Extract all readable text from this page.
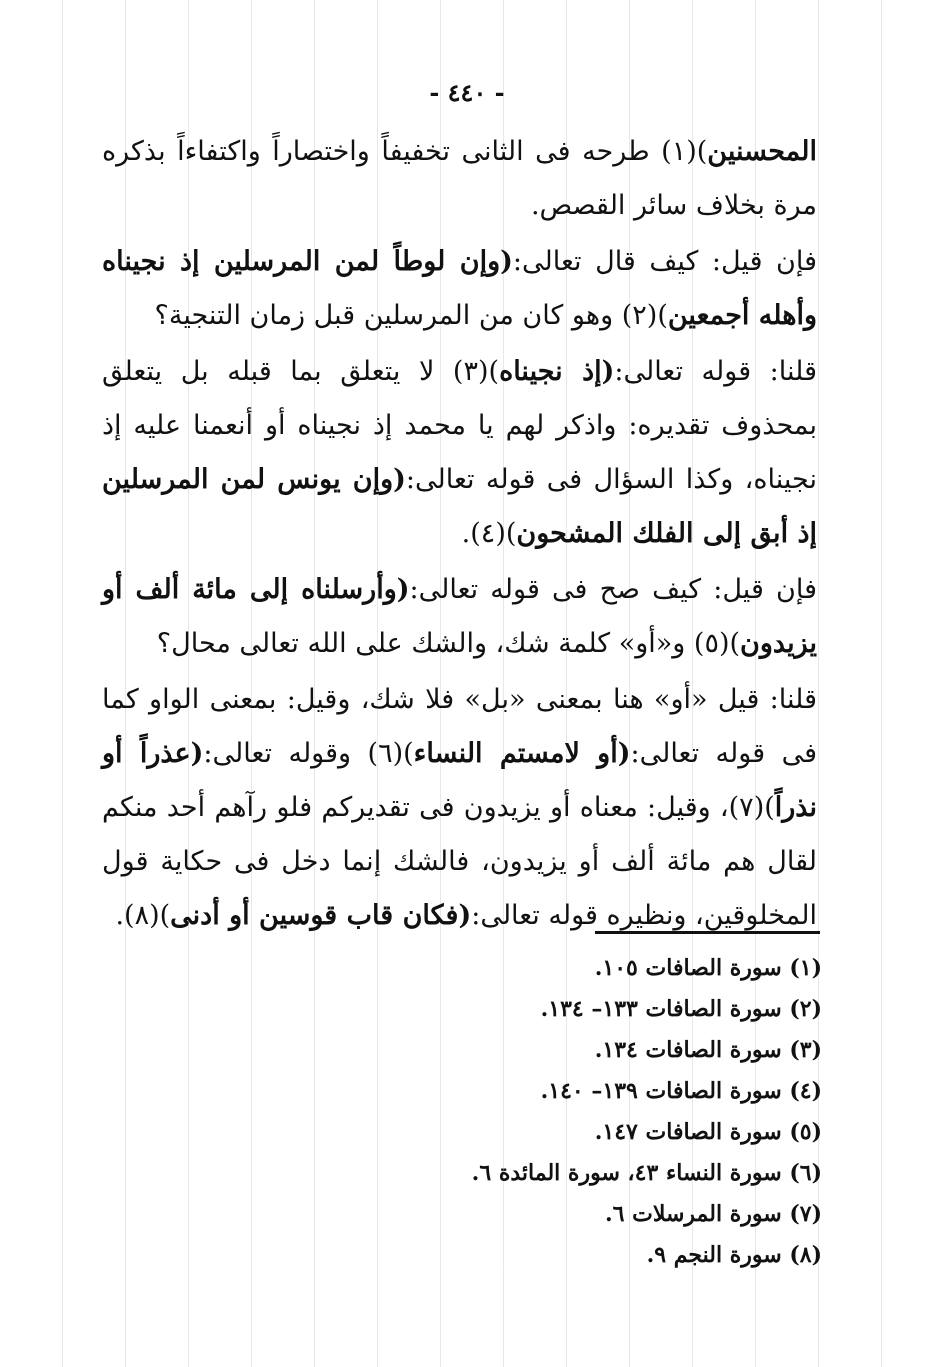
- ٤٤٠ -

المحسنين)(١) طرحه فى الثانى تخفيفاً واختصاراً واكتفاءاً بذكره مرة بخلاف سائر القصص.

فإن قيل: كيف قال تعالى:(وإن لوطاً لمن المرسلين إذ نجيناه وأهله أجمعين)(٢) وهو كان من المرسلين قبل زمان التنجية؟

قلنا: قوله تعالى:(إذ نجيناه)(٣) لا يتعلق بما قبله بل يتعلق بمحذوف تقديره: واذكر لهم يا محمد إذ نجيناه أو أنعمنا عليه إذ نجيناه، وكذا السؤال فى قوله تعالى:(وإن يونس لمن المرسلين إذ أبق إلى الفلك المشحون)(٤).

فإن قيل: كيف صح فى قوله تعالى:(وأرسلناه إلى مائة ألف أو يزيدون)(٥) و«أو» كلمة شك، والشك على الله تعالى محال؟

قلنا: قيل «أو» هنا بمعنى «بل» فلا شك، وقيل: بمعنى الواو كما فى قوله تعالى:(أو لامستم النساء)(٦) وقوله تعالى:(عذراً أو نذراً)(٧)، وقيل: معناه أو يزيدون فى تقديركم فلو رآهم أحد منكم لقال هم مائة ألف أو يزيدون، فالشك إنما دخل فى حكاية قول المخلوقين، ونظيره قوله تعالى:(فكان قاب قوسين أو أدنى)(٨).

(١) سورة الصافات ١٠٥.

(٢) سورة الصافات ١٣٣– ١٣٤.

(٣) سورة الصافات ١٣٤.

(٤) سورة الصافات ١٣٩– ١٤٠.

(٥) سورة الصافات ١٤٧.

(٦) سورة النساء ٤٣، سورة المائدة ٦.

(٧) سورة المرسلات ٦.

(٨) سورة النجم ٩.
